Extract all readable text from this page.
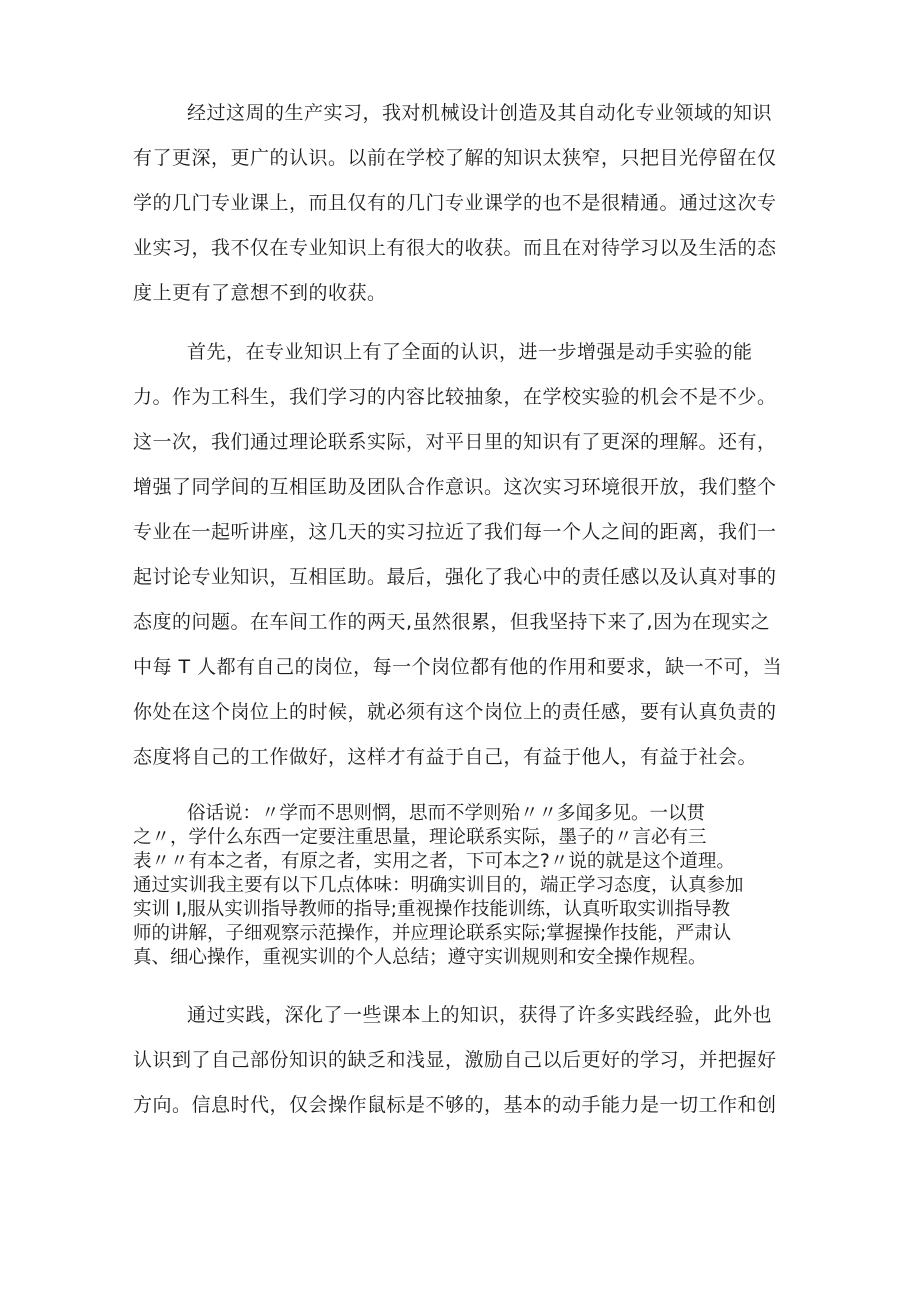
经过这周的生产实习，我对机械设计创造及其自动化专业领域的知识

有了更深，更广的认识。以前在学校了解的知识太狭窄，只把目光停留在仅

学的几门专业课上，而且仅有的几门专业课学的也不是很精通。通过这次专

业实习，我不仅在专业知识上有很大的收获。而且在对待学习以及生活的态

度上更有了意想不到的收获。

首先，在专业知识上有了全面的认识，进一步增强是动手实验的能

力。作为工科生，我们学习的内容比较抽象，在学校实验的机会不是不少。

这一次，我们通过理论联系实际，对平日里的知识有了更深的理解。还有，

增强了同学间的互相匡助及团队合作意识。这次实习环境很开放，我们整个

专业在一起听讲座，这几天的实习拉近了我们每一个人之间的距离，我们一

起讨论专业知识，互相匡助。最后，强化了我心中的责任感以及认真对事的

态度的问题。在车间工作的两天,虽然很累，但我坚持下来了,因为在现实之

中每 T 人都有自己的岗位，每一个岗位都有他的作用和要求，缺一不可，当

你处在这个岗位上的时候，就必须有这个岗位上的责任感，要有认真负责的

态度将自己的工作做好，这样才有益于自己，有益于他人，有益于社会。

俗话说：〃学而不思则惘，思而不学则殆〃〃多闻多见。一以贯

之〃，学什么东西一定要注重思量，理论联系实际，墨子的〃言必有三

表〃〃有本之者，有原之者，实用之者，下可本之?〃说的就是这个道理。

通过实训我主要有以下几点体味：明确实训目的，端正学习态度，认真参加

实训 I,服从实训指导教师的指导;重视操作技能训练，认真听取实训指导教

师的讲解，子细观察示范操作，并应理论联系实际;掌握操作技能，严肃认

真、细心操作，重视实训的个人总结；遵守实训规则和安全操作规程。

通过实践，深化了一些课本上的知识，获得了许多实践经验，此外也

认识到了自己部份知识的缺乏和浅显，激励自己以后更好的学习，并把握好

方向。信息时代，仅会操作鼠标是不够的，基本的动手能力是一切工作和创
